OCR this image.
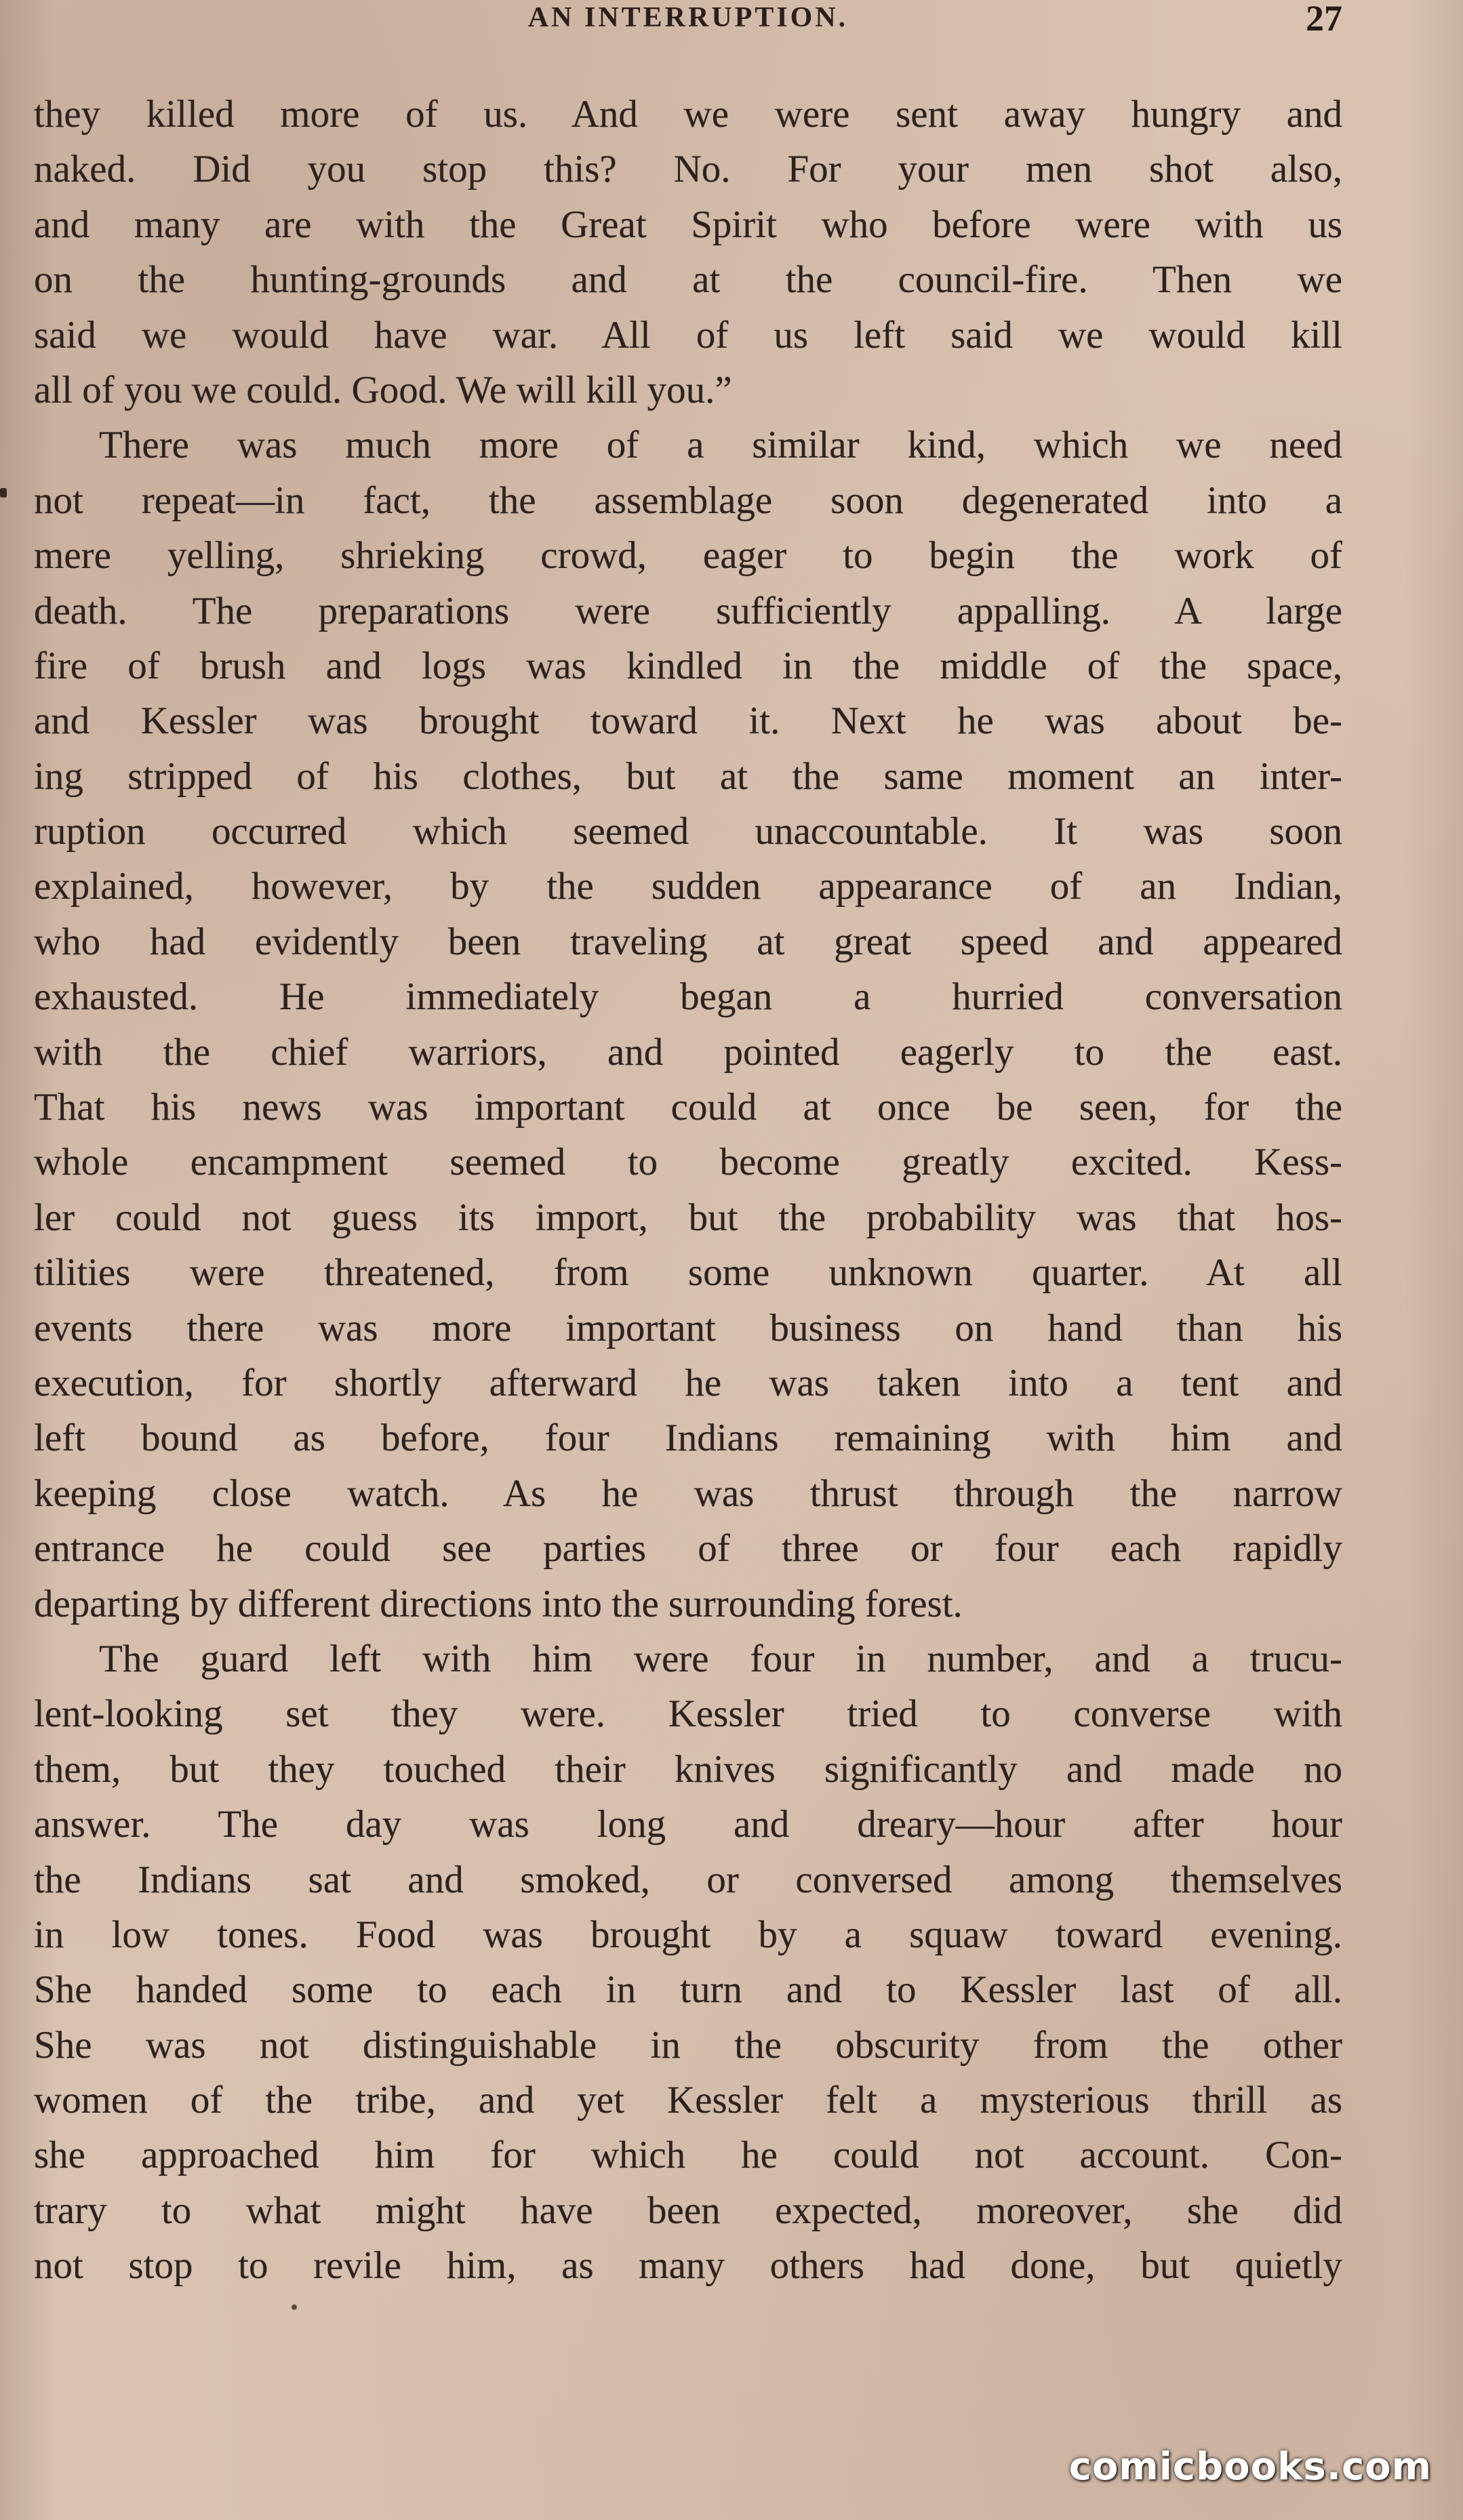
AN INTERRUPTION.	27
they killed more of us. And we were sent away hungry and
naked. Did you stop this? No. For your men shot also,
and many are with the Great Spirit who before were with us
on the hunting-grounds and at the council-fire. Then we
said we would have war. All of us left said we would kill
all of you we could. Good. We will kill you.”
There was much more of a similar kind, which we need
not repeat—in fact, the assemblage soon degenerated into a
mere yelling, shrieking crowd, eager to begin the work of
death. The preparations were sufficiently appalling. A large
fire of brush and logs was kindled in the middle of the space,
and Kessler was brought toward it. Next he was about be-
ing stripped of his clothes, but at the same moment an inter-
ruption occurred which seemed unaccountable. It was soon
explained, however, by the sudden appearance of an Indian,
who had evidently been traveling at great speed and appeared
exhausted. He immediately began a hurried conversation
with the chief warriors, and pointed eagerly to the east.
That his news was important could at once be seen, for the
whole encampment seemed to become greatly excited. Kess-
ler could not guess its import, but the probability was that hos-
tilities were threatened, from some unknown quarter. At all
events there was more important business on hand than his
execution, for shortly afterward he was taken into a tent and
left bound as before, four Indians remaining with him and
keeping close watch. As he was thrust through the narrow
entrance he could see parties of three or four each rapidly
departing by different directions into the surrounding forest.
The guard left with him were four in number, and a trucu-
lent-looking set they were. Kessler tried to converse with
them, but they touched their knives significantly and made no
answer. The day was long and dreary—hour after hour
the Indians sat and smoked, or conversed among themselves
in low tones. Food was brought by a squaw toward evening.
She handed some to each in turn and to Kessler last of all.
She was not distinguishable in the obscurity from the other
women of the tribe, and yet Kessler felt a mysterious thrill as
she approached him for which he could not account. Con-
trary to what might have been expected, moreover, she did
not stop to revile him, as many others had done, but quietly
comicbooks.com
